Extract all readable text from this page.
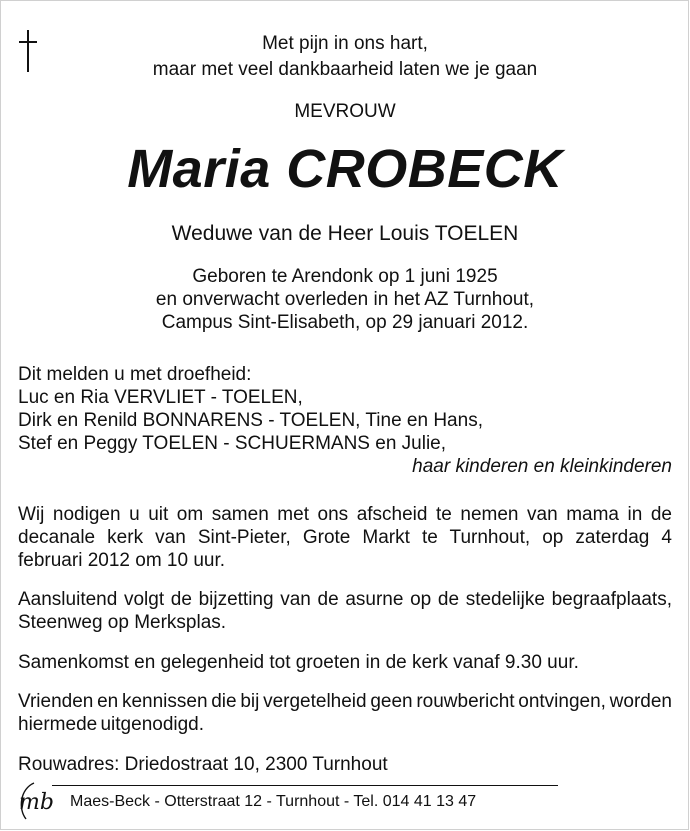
Met pijn in ons hart,
maar met veel dankbaarheid laten we je gaan
MEVROUW
Maria CROBECK
Weduwe van de Heer Louis TOELEN
Geboren te Arendonk op 1 juni 1925
en onverwacht overleden in het AZ Turnhout,
Campus Sint-Elisabeth, op 29 januari 2012.
Dit melden u met droefheid:
Luc en Ria VERVLIET - TOELEN,
Dirk en Renild BONNARENS - TOELEN, Tine en Hans,
Stef en Peggy TOELEN - SCHUERMANS en Julie,
haar kinderen en kleinkinderen
Wij nodigen u uit om samen met ons afscheid te nemen van mama in de decanale kerk van Sint-Pieter, Grote Markt te Turnhout, op zaterdag 4 februari 2012 om 10 uur.
Aansluitend volgt de bijzetting van de asurne op de stedelijke begraafplaats, Steenweg op Merksplas.
Samenkomst en gelegenheid tot groeten in de kerk vanaf 9.30 uur.
Vrienden en kennissen die bij vergetelheid geen rouwbericht ontvingen, worden hiermede uitgenodigd.
Rouwadres: Driedostraat 10, 2300 Turnhout
mb Maes-Beck - Otterstraat 12 - Turnhout - Tel. 014 41 13 47
